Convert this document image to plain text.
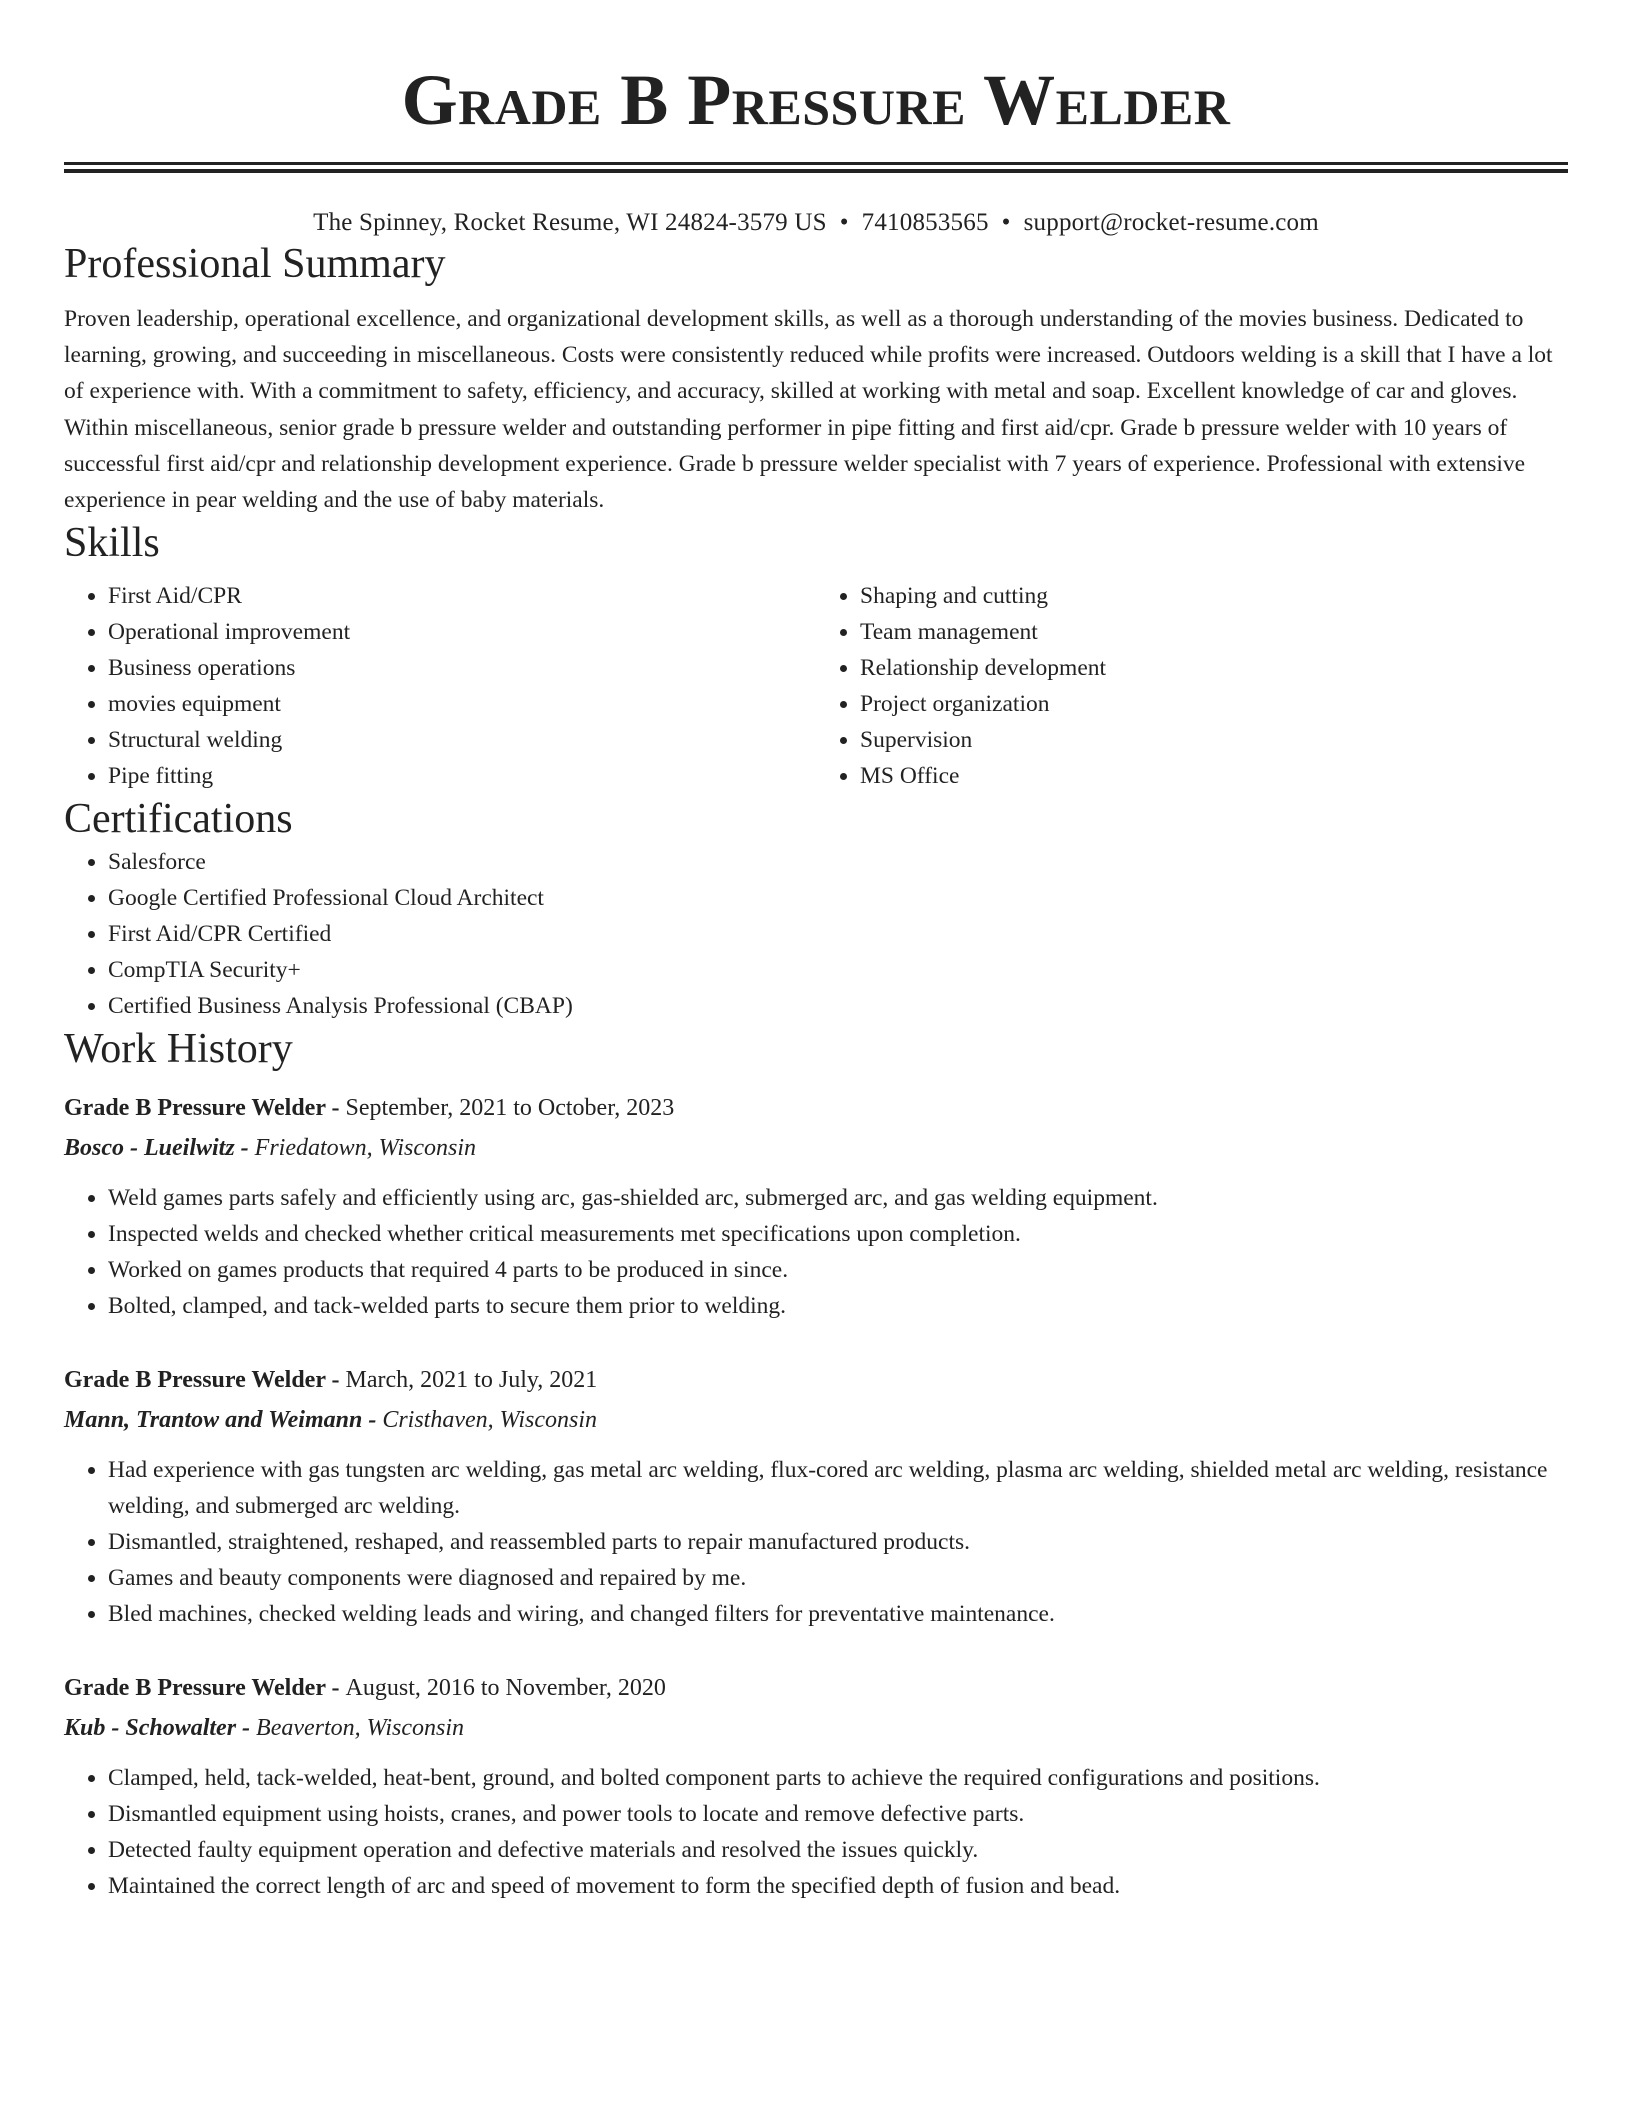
Grade B Pressure Welder
The Spinney, Rocket Resume, WI 24824-3579 US • 7410853565 • support@rocket-resume.com
Professional Summary

Proven leadership, operational excellence, and organizational development skills, as well as a thorough understanding of the movies business. Dedicated to learning, growing, and succeeding in miscellaneous. Costs were consistently reduced while profits were increased. Outdoors welding is a skill that I have a lot of experience with. With a commitment to safety, efficiency, and accuracy, skilled at working with metal and soap. Excellent knowledge of car and gloves. Within miscellaneous, senior grade b pressure welder and outstanding performer in pipe fitting and first aid/cpr. Grade b pressure welder with 10 years of successful first aid/cpr and relationship development experience. Grade b pressure welder specialist with 7 years of experience. Professional with extensive experience in pear welding and the use of baby materials.

Skills
• First Aid/CPR
• Operational improvement
• Business operations
• movies equipment
• Structural welding
• Pipe fitting
• Shaping and cutting
• Team management
• Relationship development
• Project organization
• Supervision
• MS Office
Certifications
• Salesforce
• Google Certified Professional Cloud Architect
• First Aid/CPR Certified
• CompTIA Security+
• Certified Business Analysis Professional (CBAP)
Work History
Grade B Pressure Welder - September, 2021 to October, 2023
Bosco - Lueilwitz - Friedatown, Wisconsin
• Weld games parts safely and efficiently using arc, gas-shielded arc, submerged arc, and gas welding equipment.
• Inspected welds and checked whether critical measurements met specifications upon completion.
• Worked on games products that required 4 parts to be produced in since.
• Bolted, clamped, and tack-welded parts to secure them prior to welding.
Grade B Pressure Welder - March, 2021 to July, 2021
Mann, Trantow and Weimann - Cristhaven, Wisconsin
• Had experience with gas tungsten arc welding, gas metal arc welding, flux-cored arc welding, plasma arc welding, shielded metal arc welding, resistance welding, and submerged arc welding.
• Dismantled, straightened, reshaped, and reassembled parts to repair manufactured products.
• Games and beauty components were diagnosed and repaired by me.
• Bled machines, checked welding leads and wiring, and changed filters for preventative maintenance.
Grade B Pressure Welder - August, 2016 to November, 2020
Kub - Schowalter - Beaverton, Wisconsin
• Clamped, held, tack-welded, heat-bent, ground, and bolted component parts to achieve the required configurations and positions.
• Dismantled equipment using hoists, cranes, and power tools to locate and remove defective parts.
• Detected faulty equipment operation and defective materials and resolved the issues quickly.
• Maintained the correct length of arc and speed of movement to form the specified depth of fusion and bead.
